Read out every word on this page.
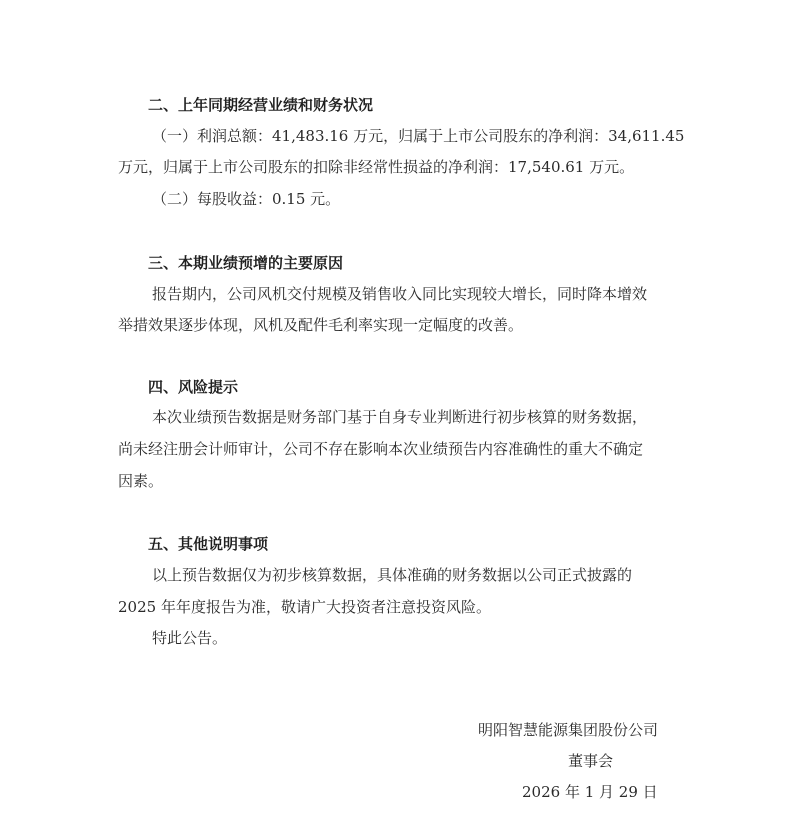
二、上年同期经营业绩和财务状况
（一）利润总额：41,483.16 万元，归属于上市公司股东的净利润：34,611.45
万元，归属于上市公司股东的扣除非经常性损益的净利润：17,540.61 万元。
（二）每股收益：0.15 元。
三、本期业绩预增的主要原因
报告期内，公司风机交付规模及销售收入同比实现较大增长，同时降本增效
举措效果逐步体现，风机及配件毛利率实现一定幅度的改善。
四、风险提示
本次业绩预告数据是财务部门基于自身专业判断进行初步核算的财务数据，
尚未经注册会计师审计，公司不存在影响本次业绩预告内容准确性的重大不确定
因素。
五、其他说明事项
以上预告数据仅为初步核算数据，具体准确的财务数据以公司正式披露的
2025 年年度报告为准，敬请广大投资者注意投资风险。
特此公告。
明阳智慧能源集团股份公司
董事会
2026 年 1 月 29 日
